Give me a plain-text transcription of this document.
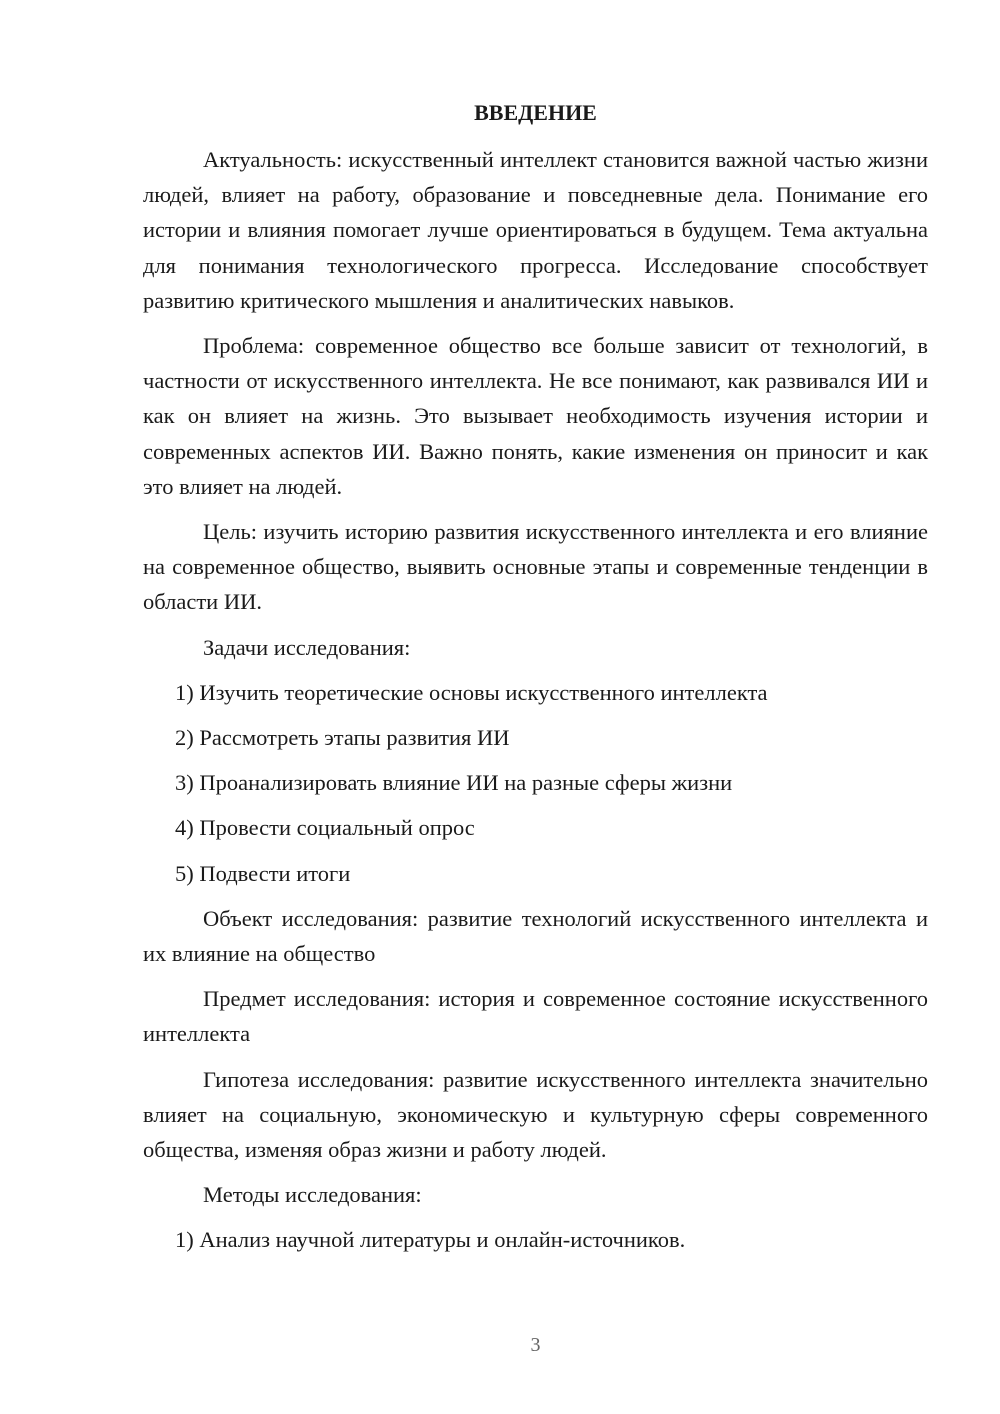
ВВЕДЕНИЕ

Актуальность: искусственный интеллект становится важной частью жизни людей, влияет на работу, образование и повседневные дела. Понимание его истории и влияния помогает лучше ориентироваться в будущем. Тема актуальна для понимания технологического прогресса. Исследование способствует развитию критического мышления и аналитических навыков.

Проблема: современное общество все больше зависит от технологий, в частности от искусственного интеллекта. Не все понимают, как развивался ИИ и как он влияет на жизнь. Это вызывает необходимость изучения истории и современных аспектов ИИ. Важно понять, какие изменения он приносит и как это влияет на людей.

Цель: изучить историю развития искусственного интеллекта и его влияние на современное общество, выявить основные этапы и современные тенденции в области ИИ.

Задачи исследования:

1) Изучить теоретические основы искусственного интеллекта

2) Рассмотреть этапы развития ИИ

3) Проанализировать влияние ИИ на разные сферы жизни

4) Провести социальный опрос

5) Подвести итоги

Объект исследования: развитие технологий искусственного интеллекта и их влияние на общество

Предмет исследования: история и современное состояние искусственного интеллекта

Гипотеза исследования: развитие искусственного интеллекта значительно влияет на социальную, экономическую и культурную сферы современного общества, изменяя образ жизни и работу людей.

Методы исследования:

1) Анализ научной литературы и онлайн-источников.

3
